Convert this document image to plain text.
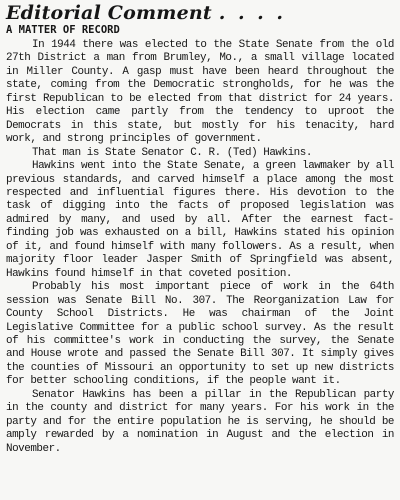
Editorial Comment . . . .
A MATTER OF RECORD

In 1944 there was elected to the State Senate from the old 27th District a man from Brumley, Mo., a small village located in Miller County. A gasp must have been heard throughout the state, coming from the Democratic strongholds, for he was the first Republican to be elected from that district for 24 years. His election came partly from the tendency to uproot the Democrats in this state, but mostly for his tenacity, hard work, and strong principles of government.

That man is State Senator C. R. (Ted) Hawkins.

Hawkins went into the State Senate, a green lawmaker by all previous standards, and carved himself a place among the most respected and influential figures there. His devotion to the task of digging into the facts of proposed legislation was admired by many, and used by all. After the earnest fact-finding job was exhausted on a bill, Hawkins stated his opinion of it, and found himself with many followers. As a result, when majority floor leader Jasper Smith of Springfield was absent, Hawkins found himself in that coveted position.

Probably his most important piece of work in the 64th session was Senate Bill No. 307. The Reorganization Law for County School Districts. He was chairman of the Joint Legislative Committee for a public school survey. As the result of his committee's work in conducting the survey, the Senate and House wrote and passed the Senate Bill 307. It simply gives the counties of Missouri an opportunity to set up new districts for better schooling conditions, if the people want it.

Senator Hawkins has been a pillar in the Republican party in the county and district for many years. For his work in the party and for the entire population he is serving, he should be amply rewarded by a nomination in August and the election in November.
